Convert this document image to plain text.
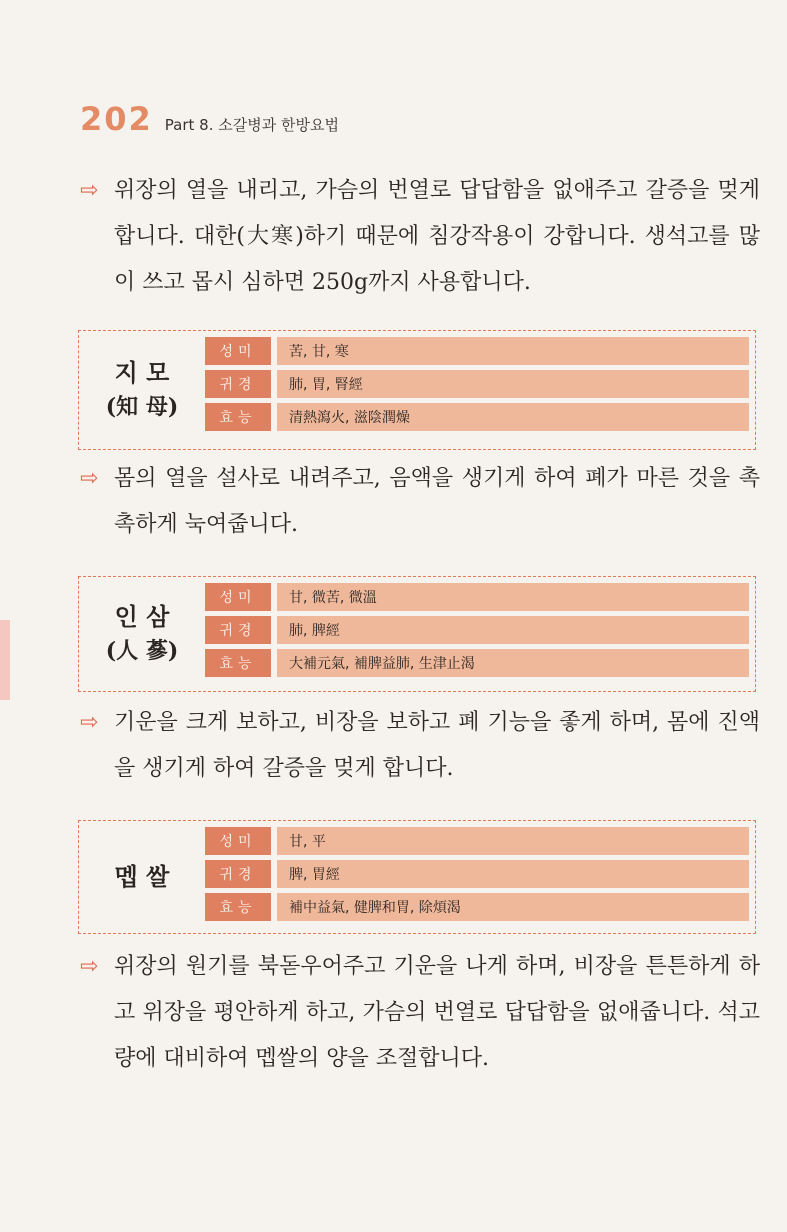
202 Part 8. 소갈병과 한방요법
⇨ 위장의 열을 내리고, 가슴의 번열로 답답함을 없애주고 갈증을 멎게 합니다. 대한(大寒)하기 때문에 침강작용이 강합니다. 생석고를 많이 쓰고 몹시 심하면 250g까지 사용합니다.
지 모
(知 母)
성미	苦, 甘, 寒
귀경	肺, 胃, 腎經
효능	清熱瀉火, 滋陰潤燥
⇨ 몸의 열을 설사로 내려주고, 음액을 생기게 하여 폐가 마른 것을 촉촉하게 눅여줍니다.
인 삼
(人 蔘)
성미	甘, 微苦, 微溫
귀경	肺, 脾經
효능	大補元氣, 補脾益肺, 生津止渴
⇨ 기운을 크게 보하고, 비장을 보하고 폐 기능을 좋게 하며, 몸에 진액을 생기게 하여 갈증을 멎게 합니다.
멥 쌀
성미	甘, 平
귀경	脾, 胃經
효능	補中益氣, 健脾和胃, 除煩渴
⇨ 위장의 원기를 북돋우어주고 기운을 나게 하며, 비장을 튼튼하게 하고 위장을 평안하게 하고, 가슴의 번열로 답답함을 없애줍니다. 석고량에 대비하여 멥쌀의 양을 조절합니다.
